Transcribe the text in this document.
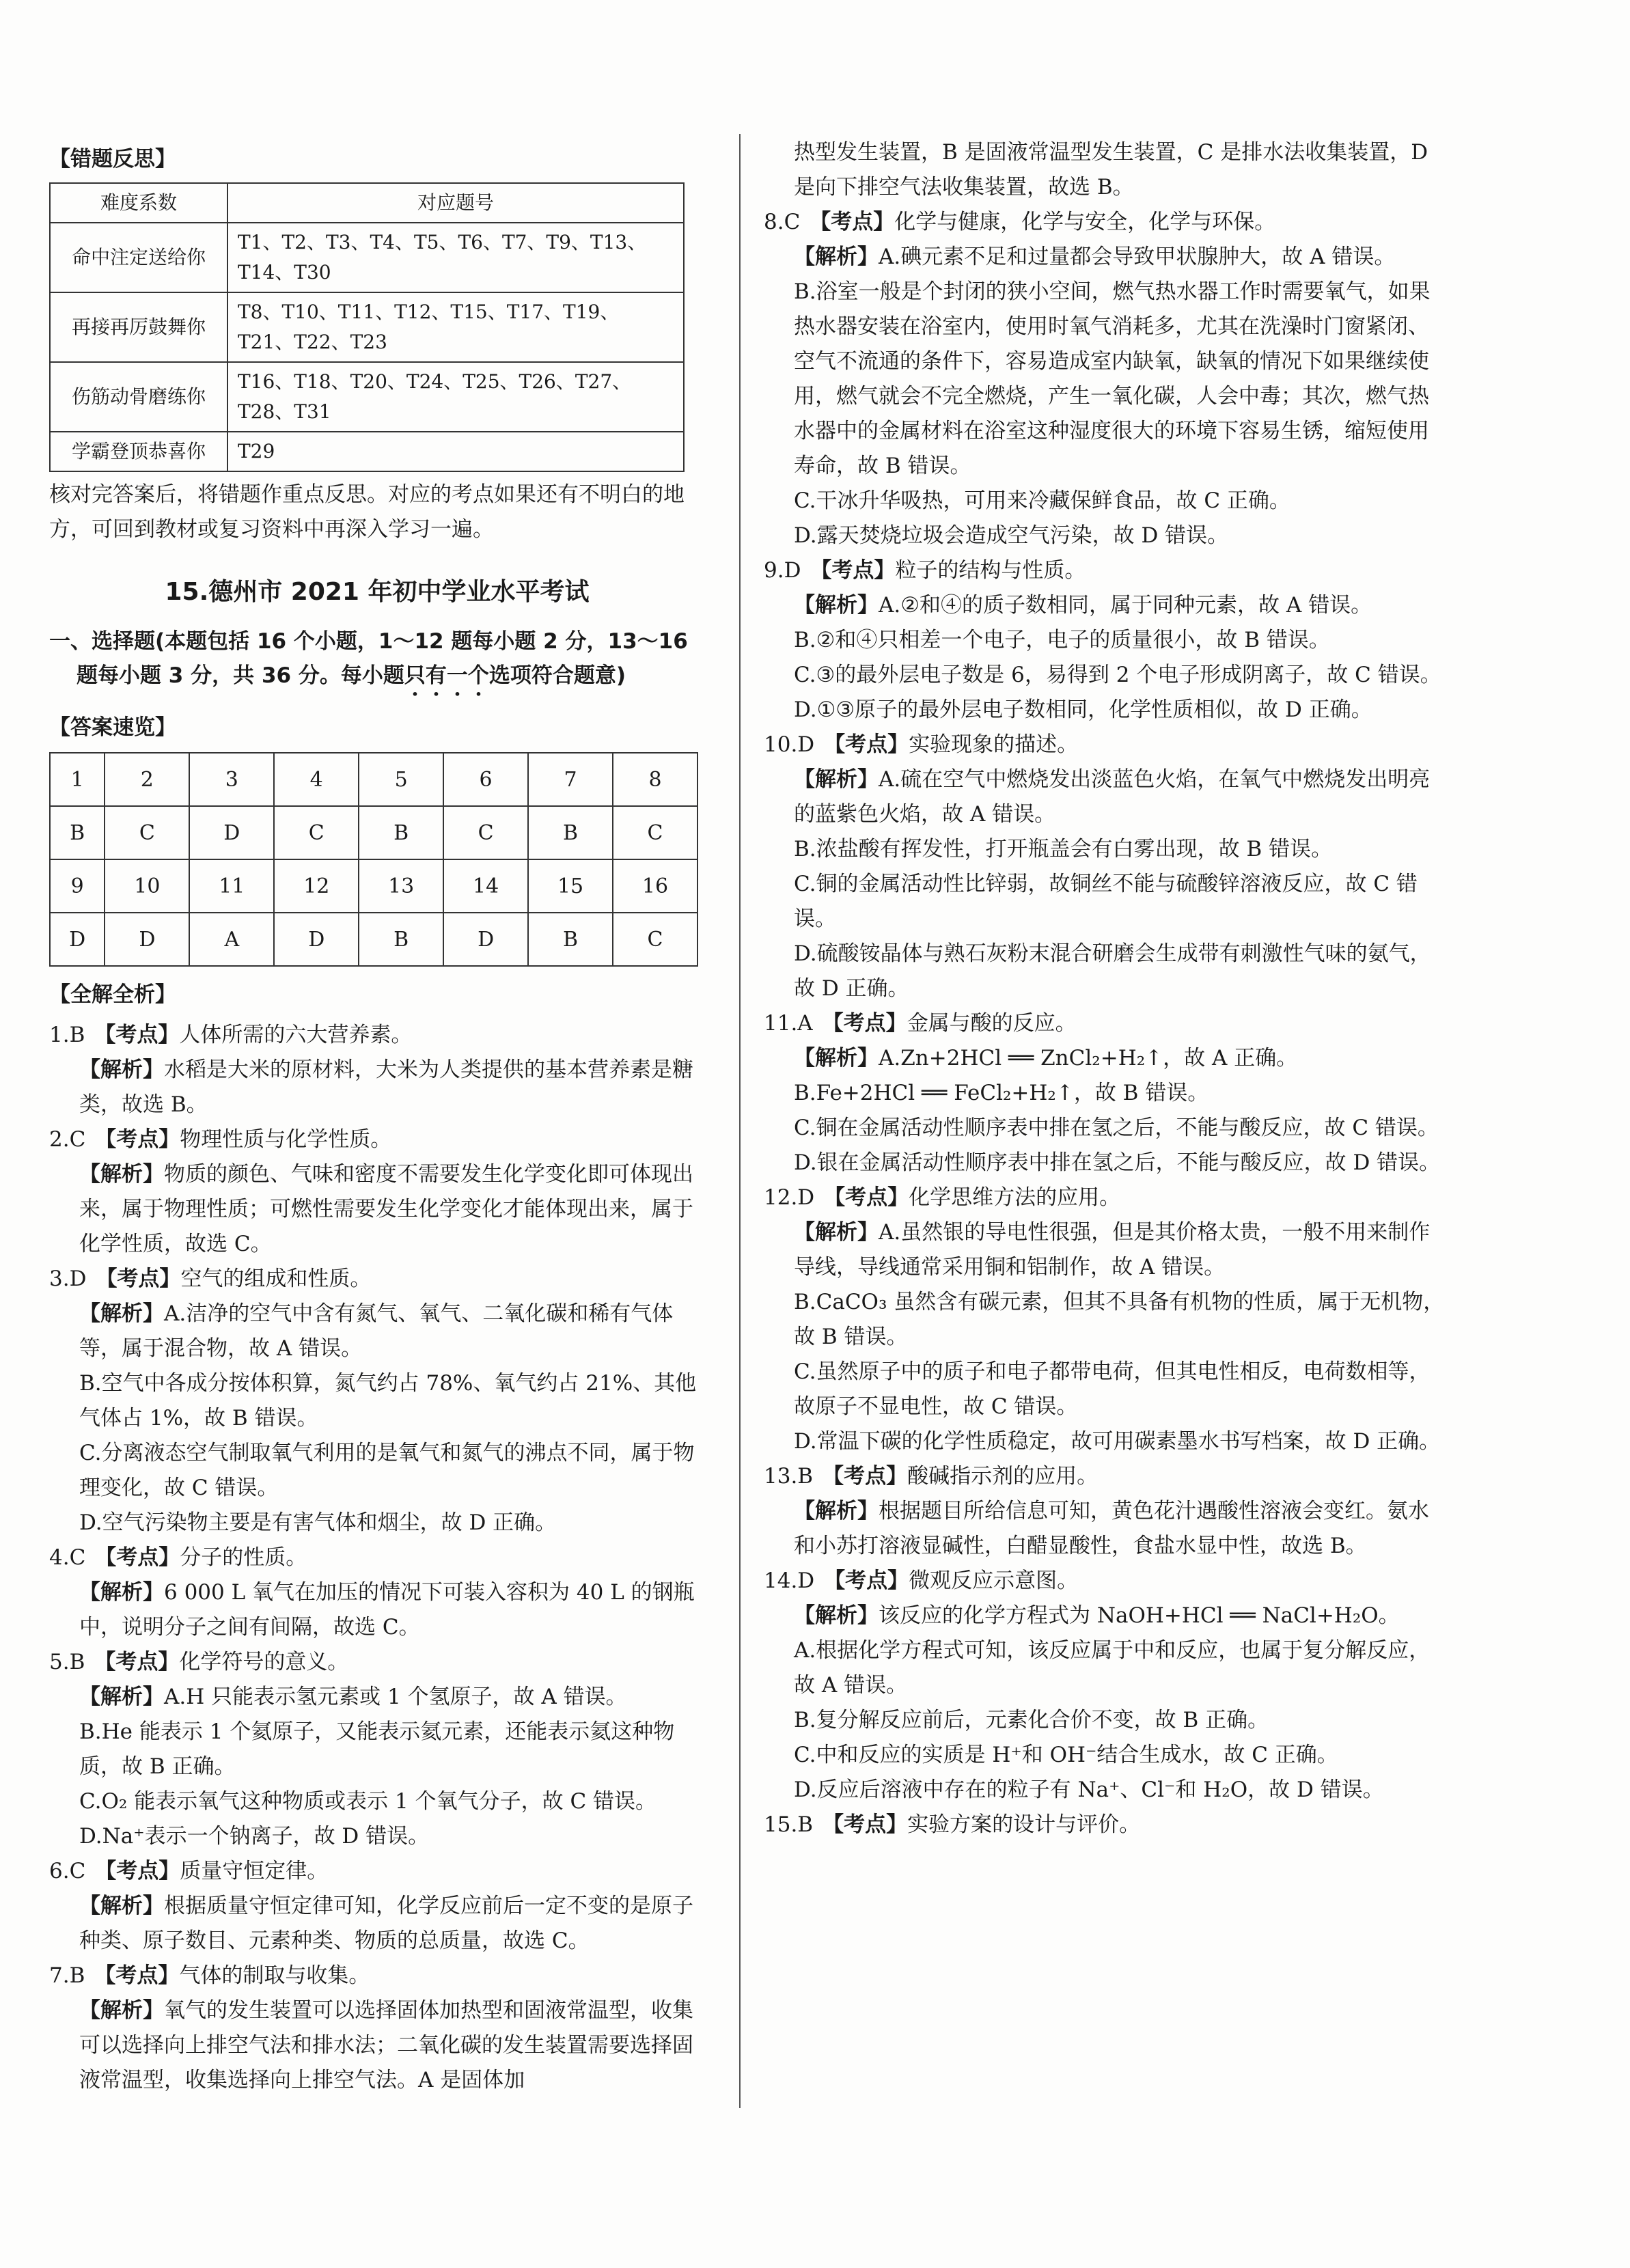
【错题反思】
难度系数	对应题号
命中注定送给你	T1、T2、T3、T4、T5、T6、T7、T9、T13、T14、T30
再接再厉鼓舞你	T8、T10、T11、T12、T15、T17、T19、T21、T22、T23
伤筋动骨磨练你	T16、T18、T20、T24、T25、T26、T27、T28、T31
学霸登顶恭喜你	T29

核对完答案后，将错题作重点反思。对应的考点如果还有不明白的地方，可回到教材或复习资料中再深入学习一遍。

15.德州市 2021 年初中学业水平考试
一、选择题(本题包括 16 个小题，1～12 题每小题 2 分，13～16 题每小题 3 分，共 36 分。每小题只有一个选项符合题意)
【答案速览】
1	2	3	4	5	6	7	8
B	C	D	C	B	C	B	C
9	10	11	12	13	14	15	16
D	D	A	D	B	D	B	C
【全解全析】
1.B 【考点】人体所需的六大营养素。
【解析】水稻是大米的原材料，大米为人类提供的基本营养素是糖类，故选 B。
2.C 【考点】物理性质与化学性质。
【解析】物质的颜色、气味和密度不需要发生化学变化即可体现出来，属于物理性质；可燃性需要发生化学变化才能体现出来，属于化学性质，故选 C。
3.D 【考点】空气的组成和性质。
【解析】A.洁净的空气中含有氮气、氧气、二氧化碳和稀有气体等，属于混合物，故 A 错误。
B.空气中各成分按体积算，氮气约占 78%、氧气约占 21%、其他气体占 1%，故 B 错误。
C.分离液态空气制取氧气利用的是氧气和氮气的沸点不同，属于物理变化，故 C 错误。
D.空气污染物主要是有害气体和烟尘，故 D 正确。
4.C 【考点】分子的性质。
【解析】6 000 L 氧气在加压的情况下可装入容积为 40 L 的钢瓶中，说明分子之间有间隔，故选 C。
5.B 【考点】化学符号的意义。
【解析】A.H 只能表示氢元素或 1 个氢原子，故 A 错误。
B.He 能表示 1 个氦原子，又能表示氦元素，还能表示氦这种物质，故 B 正确。
C.O₂ 能表示氧气这种物质或表示 1 个氧气分子，故 C 错误。
D.Na⁺表示一个钠离子，故 D 错误。
6.C 【考点】质量守恒定律。
【解析】根据质量守恒定律可知，化学反应前后一定不变的是原子种类、原子数目、元素种类、物质的总质量，故选 C。
7.B 【考点】气体的制取与收集。
【解析】氧气的发生装置可以选择固体加热型和固液常温型，收集可以选择向上排空气法和排水法；二氧化碳的发生装置需要选择固液常温型，收集选择向上排空气法。A 是固体加
热型发生装置，B 是固液常温型发生装置，C 是排水法收集装置，D 是向下排空气法收集装置，故选 B。
8.C 【考点】化学与健康，化学与安全，化学与环保。
【解析】A.碘元素不足和过量都会导致甲状腺肿大，故 A 错误。
B.浴室一般是个封闭的狭小空间，燃气热水器工作时需要氧气，如果热水器安装在浴室内，使用时氧气消耗多，尤其在洗澡时门窗紧闭、空气不流通的条件下，容易造成室内缺氧，缺氧的情况下如果继续使用，燃气就会不完全燃烧，产生一氧化碳，人会中毒；其次，燃气热水器中的金属材料在浴室这种湿度很大的环境下容易生锈，缩短使用寿命，故 B 错误。
C.干冰升华吸热，可用来冷藏保鲜食品，故 C 正确。
D.露天焚烧垃圾会造成空气污染，故 D 错误。
9.D 【考点】粒子的结构与性质。
【解析】A.②和④的质子数相同，属于同种元素，故 A 错误。
B.②和④只相差一个电子，电子的质量很小，故 B 错误。
C.③的最外层电子数是 6，易得到 2 个电子形成阴离子，故 C 错误。
D.①③原子的最外层电子数相同，化学性质相似，故 D 正确。
10.D 【考点】实验现象的描述。
【解析】A.硫在空气中燃烧发出淡蓝色火焰，在氧气中燃烧发出明亮的蓝紫色火焰，故 A 错误。
B.浓盐酸有挥发性，打开瓶盖会有白雾出现，故 B 错误。
C.铜的金属活动性比锌弱，故铜丝不能与硫酸锌溶液反应，故 C 错误。
D.硫酸铵晶体与熟石灰粉末混合研磨会生成带有刺激性气味的氨气，故 D 正确。
11.A 【考点】金属与酸的反应。
【解析】A.Zn+2HCl ══ ZnCl₂+H₂↑，故 A 正确。
B.Fe+2HCl ══ FeCl₂+H₂↑，故 B 错误。
C.铜在金属活动性顺序表中排在氢之后，不能与酸反应，故 C 错误。
D.银在金属活动性顺序表中排在氢之后，不能与酸反应，故 D 错误。
12.D 【考点】化学思维方法的应用。
【解析】A.虽然银的导电性很强，但是其价格太贵，一般不用来制作导线，导线通常采用铜和铝制作，故 A 错误。
B.CaCO₃ 虽然含有碳元素，但其不具备有机物的性质，属于无机物，故 B 错误。
C.虽然原子中的质子和电子都带电荷，但其电性相反，电荷数相等，故原子不显电性，故 C 错误。
D.常温下碳的化学性质稳定，故可用碳素墨水书写档案，故 D 正确。
13.B 【考点】酸碱指示剂的应用。
【解析】根据题目所给信息可知，黄色花汁遇酸性溶液会变红。氨水和小苏打溶液显碱性，白醋显酸性，食盐水显中性，故选 B。
14.D 【考点】微观反应示意图。
【解析】该反应的化学方程式为 NaOH+HCl ══ NaCl+H₂O。
A.根据化学方程式可知，该反应属于中和反应，也属于复分解反应，故 A 错误。
B.复分解反应前后，元素化合价不变，故 B 正确。
C.中和反应的实质是 H⁺和 OH⁻结合生成水，故 C 正确。
D.反应后溶液中存在的粒子有 Na⁺、Cl⁻和 H₂O，故 D 错误。
15.B 【考点】实验方案的设计与评价。
